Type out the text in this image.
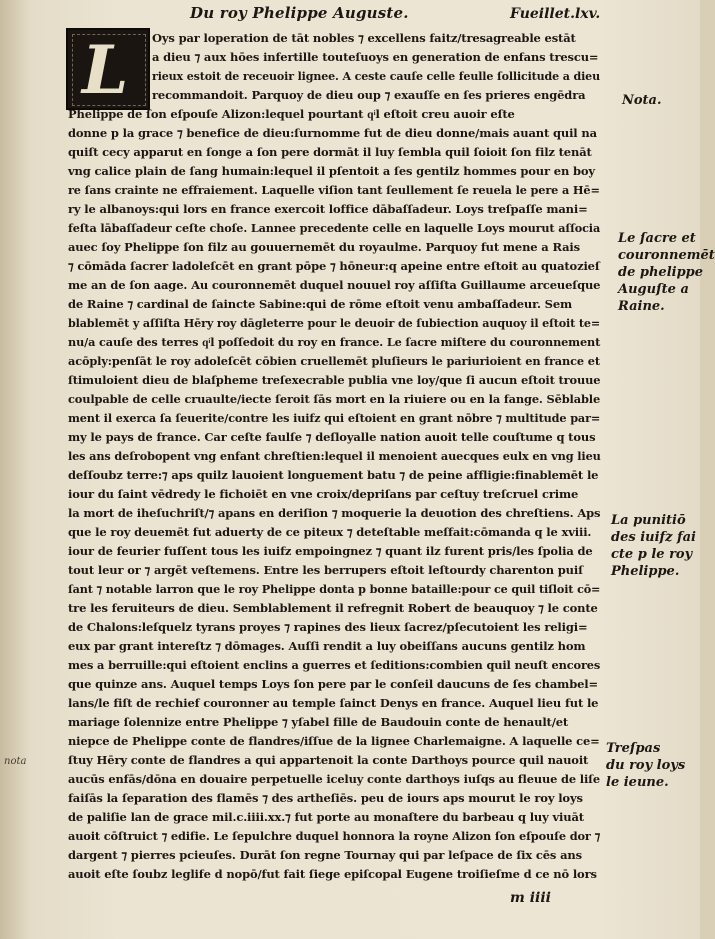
Du roy Phelippe Auguste.	Fueillet.lxv.
L Oys par loperation de tāt nobles ⁊ excellens faitz/tresagreable estāt
a dieu ⁊ aux hōes infertille touteſuoys en generation de enfans trescu=
rieux estoit de receuoir lignee. A ceste cauſe celle feulle ſollicitude a dieu
recommandoit. Parquoy de dieu oup ⁊ exauſſe en ſes prieres engēdra
Phelippe de ſon eſpouſe Alizon:lequel pourtant qͥl eſtoit creu auoir eſte
donne p la grace ⁊ benefice de dieu:ſurnomme fut de dieu donne/mais auant quil na
quiſt cecy apparut en ſonge a ſon pere dormāt il luy ſembla quil ſoioit ſon filz tenāt
vng calice plain de ſang humain:lequel il pſentoit a ſes gentilz hommes pour en boy
re ſans crainte ne effraiement. Laquelle viſion tant ſeullement ſe reuela le pere a Hē=
ry le albanoys:qui lors en france exercoit loffice dābaſſadeur. Loys treſpaſſe mani=
feſta lābaſſadeur ceſte choſe. Lannee precedente celle en laquelle Loys mourut aſſocia
auec ſoy Phelippe ſon filz au gouuernemēt du royaulme. Parquoy fut mene a Rais
⁊ cōmāda ſacrer ladoleſcēt en grant pōpe ⁊ hōneur:q apeine entre eſtoit au quatozieſ
me an de ſon aage. Au couronnemēt duquel nouuel roy aſſiſta Guillaume arceueſque
de Raine ⁊ cardinal de ſaincte Sabine:qui de rōme eſtoit venu ambaſſadeur. Sem
blablemēt y aſſiſta Hēry roy dāgleterre pour le deuoir de ſubiection auquoy il eſtoit te=
nu/a cauſe des terres qͥl poſſedoit du roy en france. Le ſacre miſtere du couronnement
acōply:penſāt le roy adoleſcēt cōbien cruellemēt pluſieurs le pariurioient en france et
ſtimuloient dieu de blaſpheme treſexecrable publia vne loy/que ſi aucun eſtoit trouue
coulpable de celle cruaulte/iecte ſeroit ſās mort en la riuiere ou en la fange. Sēblable
ment il exerca ſa ſeuerite/contre les iuifz qui eſtoient en grant nōbre ⁊ multitude par=
my le pays de france. Car ceſte faulſe ⁊ deſloyalle nation auoit telle couſtume q tous
les ans deſrobopent vng enfant chreſtien:lequel il menoient auecques eulx en vng lieu
deſſoubz terre:⁊ aps quilz lauoient longuement batu ⁊ de peine affligie:finablemēt le
iour du ſaint vēdredy le fichoiēt en vne croix/depriſans par ceſtuy treſcruel crime
la mort de iheſuchriſt/⁊ apans en deriſion ⁊ moquerie la deuotion des chreſtiens. Aps
que le roy deuemēt fut aduerty de ce piteux ⁊ deteſtable meſfait:cōmanda q le xviii.
iour de feurier fuſſent tous les iuifz empoingnez ⁊ quant ilz furent pris/les ſpolia de
tout leur or ⁊ argēt veſtemens. Entre les berrupers eſtoit leſtourdy charenton puiſ
ſant ⁊ notable larron que le roy Phelippe donta p bonne bataille:pour ce quil tiſloit cō=
tre les feruiteurs de dieu. Semblablement il refregnit Robert de beauquoy ⁊ le conte
de Chalons:leſquelz tyrans proyes ⁊ rapines des lieux ſacrez/pſecutoient les religi=
eux par grant intereſtz ⁊ dōmages. Auſſi rendit a luy obeiſſans aucuns gentilz hom
mes a berruille:qui eſtoient enclins a guerres et ſeditions:combien quil neuſt encores
que quinze ans. Auquel temps Loys ſon pere par le conſeil daucuns de ſes chambel=
lans/le fiſt de rechief couronner au temple ſainct Denys en france. Auquel lieu fut le
mariage ſolennize entre Phelippe ⁊ yſabel fille de Baudouin conte de henault/et
niepce de Phelippe conte de flandres/iſſue de la lignee Charlemaigne. A laquelle ce=
ſtuy Hēry conte de flandres a qui appartenoit la conte Darthoys pource quil nauoit
aucūs enfās/dōna en douaire perpetuelle iceluy conte darthoys iuſqs au fleuue de liſe
faiſās la ſeparation des flamēs ⁊ des artheſiēs. peu de iours aps mourut le roy loys
de paliſie lan de grace mil.c.iiii.xx.⁊ fut porte au monaſtere du barbeau q luy viuāt
auoit cōſtruict ⁊ edifie. Le ſepulchre duquel honnora la royne Alizon ſon eſpouſe dor ⁊
dargent ⁊ pierres pcieuſes. Durāt ſon regne Tournay qui par leſpace de ſix cēs ans
auoit eſte ſoubz leglife d nopō/fut fait ſiege epiſcopal Eugene troiſieſme d ce nō lors
Nota.
Le ſacre et
couronnemēt
de phelippe
Auguſte a
Raine.
La punitiō
des iuifz fai
cte p le roy
Phelippe.
Treſpas
du roy loys
le ieune.
nota
m iiii
